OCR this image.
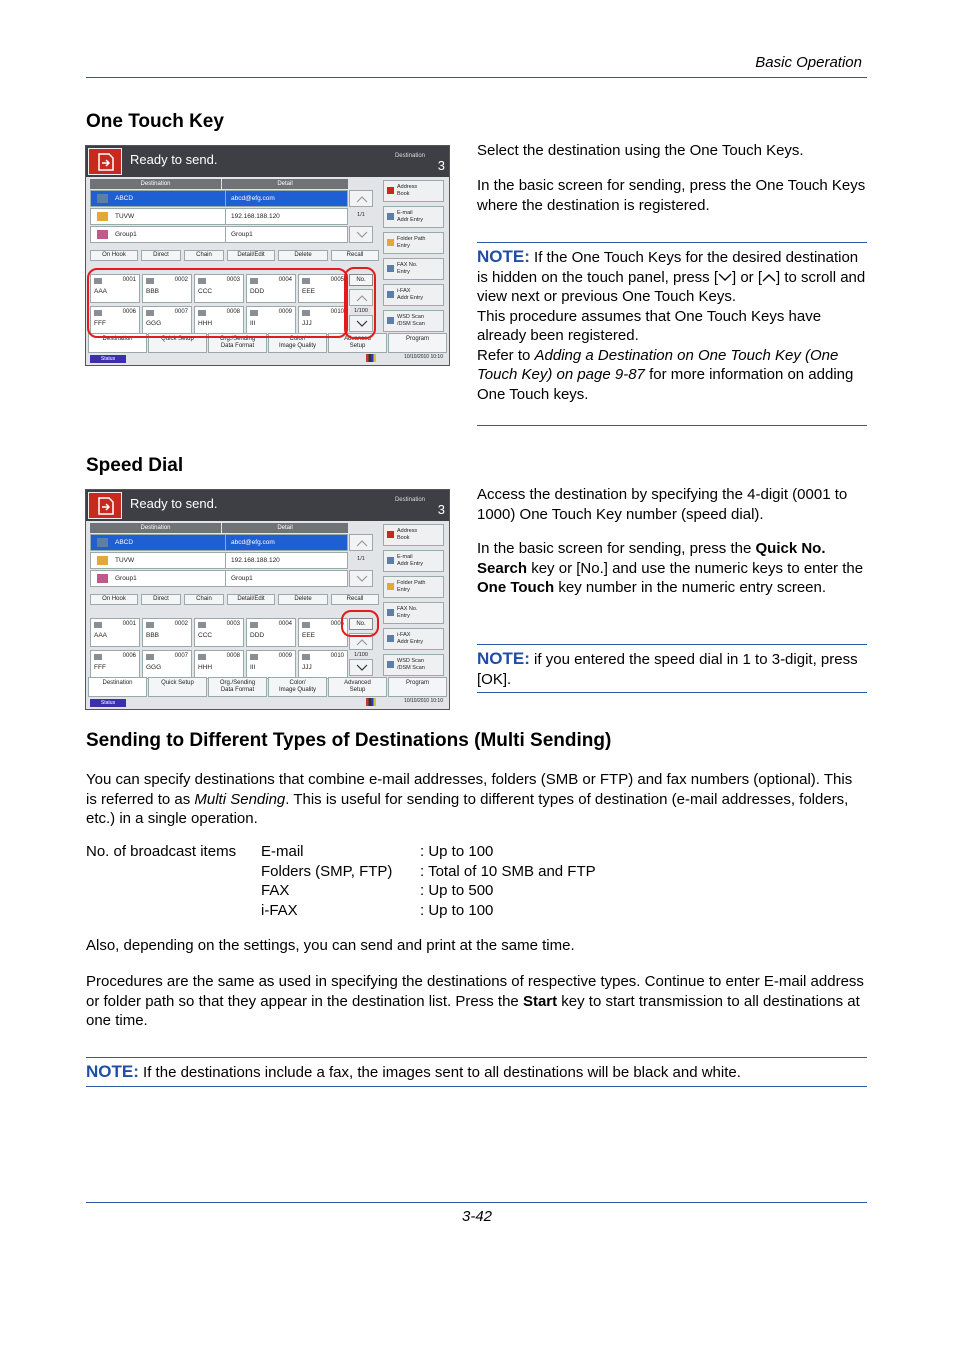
Basic Operation
One Touch Key
Ready to send.	Destination
3
Destination	Detail
ABCD	abcd@efg.com
TUVW	192.168.188.120
Group1	Group1
1/1
On Hook	Direct	Chain	Detail/Edit	Delete	Recall
0001
AAA
0002
BBB
0003
CCC
0004
DDD
0005
EEE
0006
FFF
0007
GGG
0008
HHH
0009
III
0010
JJJ
No.
1/100
Address
Book
E-mail
Addr Entry
Folder Path
Entry
FAX No.
Entry
i-FAX
Addr Entry
WSD Scan
/DSM Scan
Destination	Quick Setup	Org./Sending
Data Format
Color/
Image Quality
Advanced
Setup
Program

Status	10/10/2010 10:10

Select the destination using the One Touch Keys.

In the basic screen for sending, press the One Touch Keys where the destination is registered.

NOTE: If the One Touch Keys for the desired destination is hidden on the touch panel, press [ ] or [ ] to scroll and view next or previous One Touch Keys.
This procedure assumes that One Touch Keys have already been registered.
Refer to Adding a Destination on One Touch Key (One Touch Key) on page 9-87 for more information on adding One Touch keys.
Speed Dial
Ready to send.	Destination
3
Destination	Detail
ABCD	abcd@efg.com
TUVW	192.168.188.120
Group1	Group1
1/1
On Hook	Direct	Chain	Detail/Edit	Delete	Recall
0001
AAA
0002
BBB
0003
CCC
0004
DDD
0005
EEE
0006
FFF
0007
GGG
0008
HHH
0009
III
0010
JJJ
No.
1/100
Address
Book
E-mail
Addr Entry
Folder Path
Entry
FAX No.
Entry
i-FAX
Addr Entry
WSD Scan
/DSM Scan
Destination	Quick Setup	Org./Sending
Data Format
Color/
Image Quality
Advanced
Setup
Program

Status	10/10/2010 10:10

Access the destination by specifying the 4-digit (0001 to 1000) One Touch Key number (speed dial).

In the basic screen for sending, press the Quick No. Search key or [No.] and use the numeric keys to enter the One Touch key number in the numeric entry screen.

NOTE: if you entered the speed dial in 1 to 3-digit, press [OK].
Sending to Different Types of Destinations (Multi Sending)

You can specify destinations that combine e-mail addresses, folders (SMB or FTP) and fax numbers (optional). This is referred to as Multi Sending. This is useful for sending to different types of destination (e-mail addresses, folders, etc.) in a single operation.

No. of broadcast items	E-mail	: Up to 100
	Folders (SMP, FTP)	: Total of 10 SMB and FTP
	FAX	: Up to 500
	i-FAX	: Up to 100

Also, depending on the settings, you can send and print at the same time.

Procedures are the same as used in specifying the destinations of respective types. Continue to enter E-mail address or folder path so that they appear in the destination list. Press the Start key to start transmission to all destinations at one time.

NOTE: If the destinations include a fax, the images sent to all destinations will be black and white.
3-42
